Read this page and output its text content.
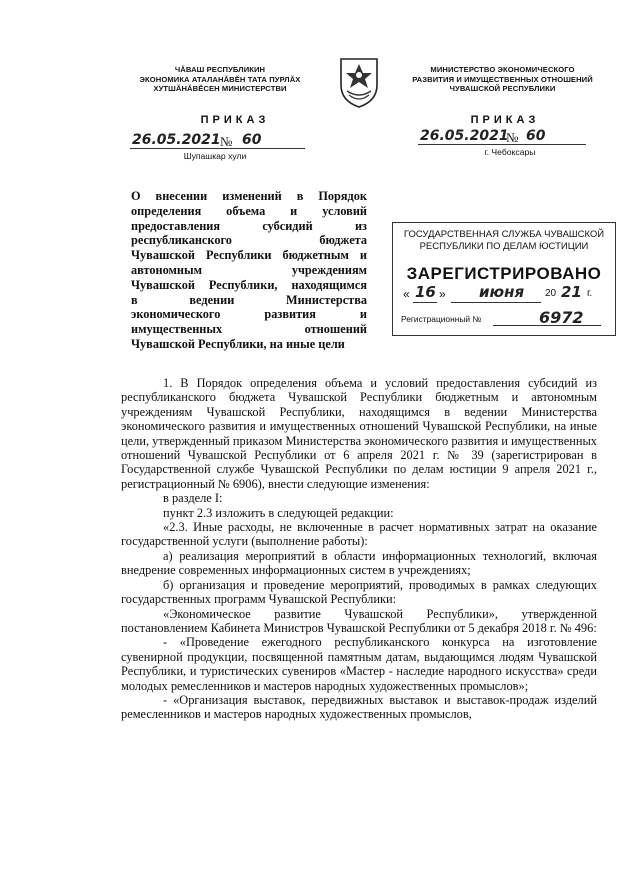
ЧĂВАШ РЕСПУБЛИКИН
ЭКОНОМИКА АТАЛАНĂВĔН ТАТА ПУРЛĂХ
ХУТШĂНĂВĔСЕН МИНИСТЕРСТВИ
МИНИСТЕРСТВО ЭКОНОМИЧЕСКОГО
РАЗВИТИЯ И ИМУЩЕСТВЕННЫХ ОТНОШЕНИЙ
ЧУВАШСКОЙ РЕСПУБЛИКИ
ПРИКАЗ
26.05.2021 № 60
Шупашкар хули
ПРИКАЗ
26.05.2021
№ 60
г. Чебоксары
О внесении изменений в Порядок
определения объема и условий
предоставления субсидий из
республиканского бюджета
Чувашской Республики бюджетным и
автономным учреждениям
Чувашской Республики, находящимся
в ведении Министерства
экономического развития и
имущественных отношений
Чувашской Республики, на иные цели
ГОСУДАРСТВЕННАЯ СЛУЖБА ЧУВАШСКОЙ
РЕСПУБЛИКИ ПО ДЕЛАМ ЮСТИЦИИ
ЗАРЕГИСТРИРОВАНО
« 16 » июня 20 21 г.
Регистрационный №	6972

1. В Порядок определения объема и условий предоставления субсидий из республиканского бюджета Чувашской Республики бюджетным и автономным учреждениям Чувашской Республики, находящимся в ведении Министерства экономического развития и имущественных отношений Чувашской Республики, на иные цели, утвержденный приказом Министерства экономического развития и имущественных отношений Чувашской Республики от 6 апреля 2021 г. № 39 (зарегистрирован в Государственной службе Чувашской Республики по делам юстиции 9 апреля 2021 г., регистрационный № 6906), внести следующие изменения:

в разделе I:

пункт 2.3 изложить в следующей редакции:

«2.3. Иные расходы, не включенные в расчет нормативных затрат на оказание государственной услуги (выполнение работы):

а) реализация мероприятий в области информационных технологий, включая внедрение современных информационных систем в учреждениях;

б) организация и проведение мероприятий, проводимых в рамках следующих государственных программ Чувашской Республики:

«Экономическое развитие Чувашской Республики», утвержденной постановлением Кабинета Министров Чувашской Республики от 5 декабря 2018 г. № 496:

- «Проведение ежегодного республиканского конкурса на изготовление сувенирной продукции, посвященной памятным датам, выдающимся людям Чувашской Республики, и туристических сувениров «Мастер - наследие народного искусства» среди молодых ремесленников и мастеров народных художественных промыслов»;

- «Организация выставок, передвижных выставок и выставок-продаж изделий ремесленников и мастеров народных художественных промыслов,
